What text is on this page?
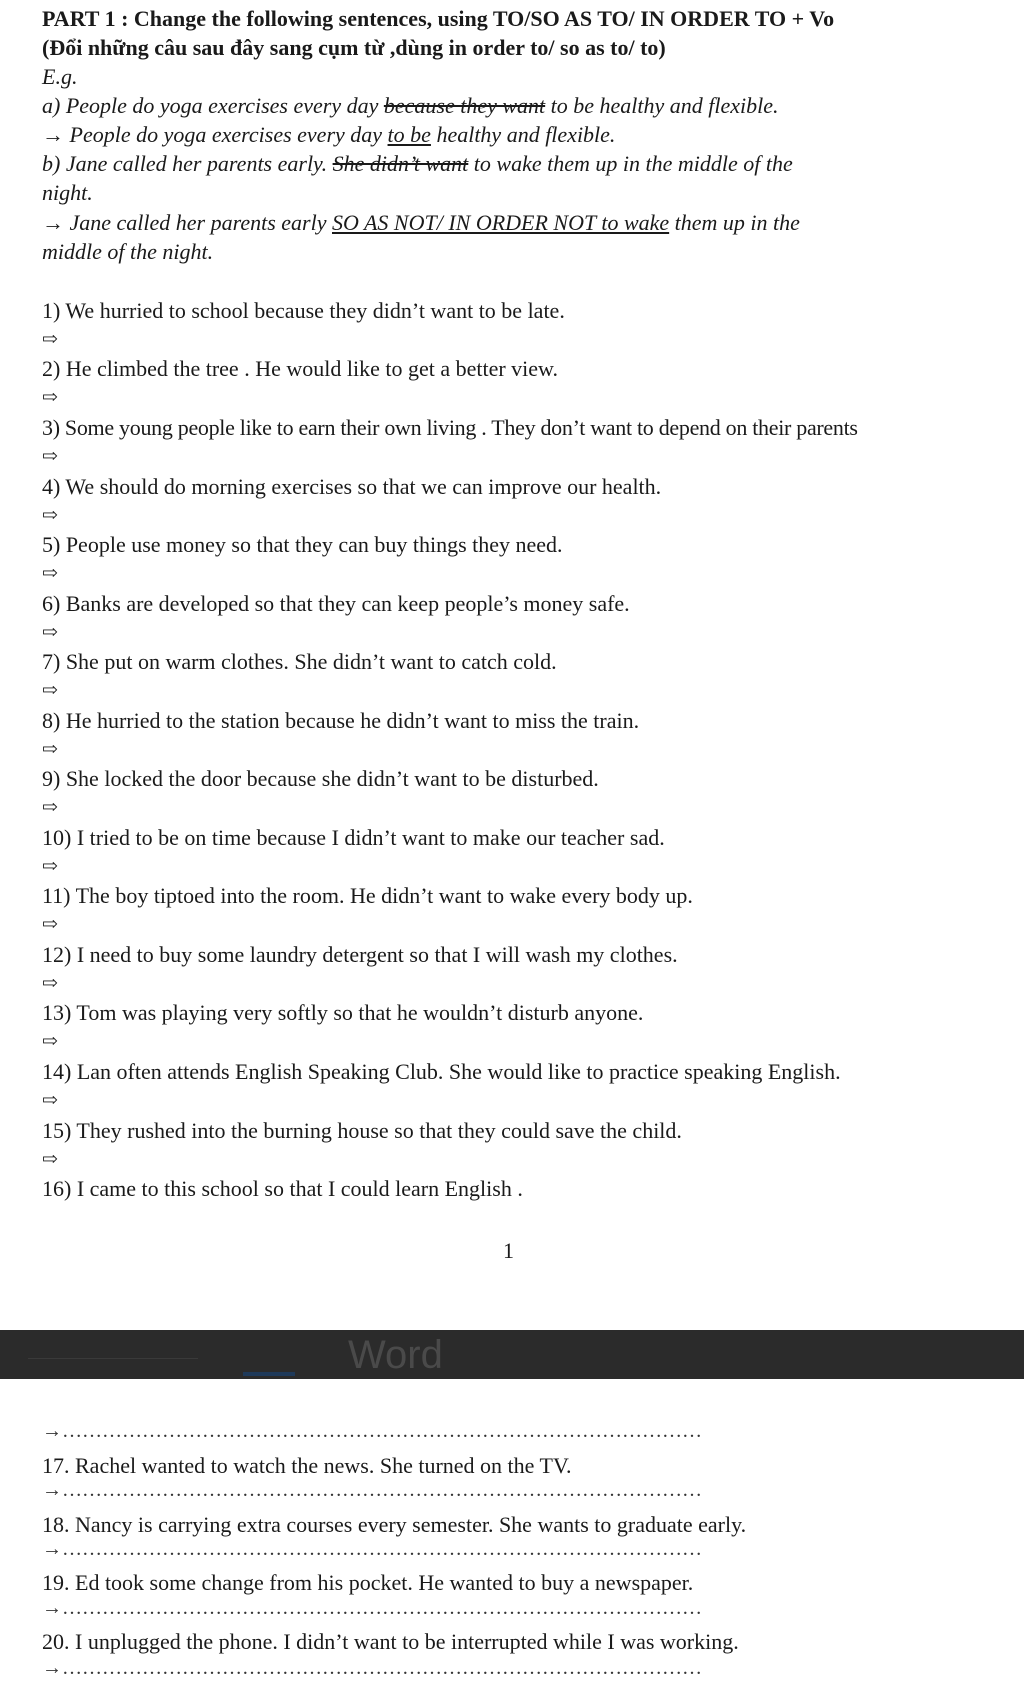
PART 1 : Change the following sentences, using TO/SO AS TO/ IN ORDER TO + Vo
(Đổi những câu sau đây sang cụm từ ,dùng in order to/ so as to/ to)
E.g.
a) People do yoga exercises every day because they want to be healthy and flexible.
→ People do yoga exercises every day to be healthy and flexible.
b) Jane called her parents early. She didn’t want to wake them up in the middle of the
night.
→ Jane called her parents early SO AS NOT/ IN ORDER NOT to wake them up in the
middle of the night.
1) We hurried to school because they didn’t want to be late.
⇨
2) He climbed the tree . He would like to get a better view.
⇨
3) Some young people like to earn their own living . They don’t want to depend on their parents
⇨
4) We should do morning exercises so that we can improve our health.
⇨
5) People use money so that they can buy things they need.
⇨
6) Banks are developed so that they can keep people’s money safe.
⇨
7) She put on warm clothes. She didn’t want to catch cold.
⇨
8) He hurried to the station because he didn’t want to miss the train.
⇨
9) She locked the door because she didn’t want to be disturbed.
⇨
10) I tried to be on time because I didn’t want to make our teacher sad.
⇨
11) The boy tiptoed into the room. He didn’t want to wake every body up.
⇨
12) I need to buy some laundry detergent so that I will wash my clothes.
⇨
13) Tom was playing very softly so that he wouldn’t disturb anyone.
⇨
14) Lan often attends English Speaking Club. She would like to practice speaking English.
⇨
15) They rushed into the burning house so that they could save the child.
⇨
16) I came to this school so that I could learn English .
→……………………………………………………………………………………
17. Rachel wanted to watch the news. She turned on the TV.
→……………………………………………………………………………………
18. Nancy is carrying extra courses every semester. She wants to graduate early.
→……………………………………………………………………………………
19. Ed took some change from his pocket. He wanted to buy a newspaper.
→……………………………………………………………………………………
20. I unplugged the phone. I didn’t want to be interrupted while I was working.
→……………………………………………………………………………………
1
Word
